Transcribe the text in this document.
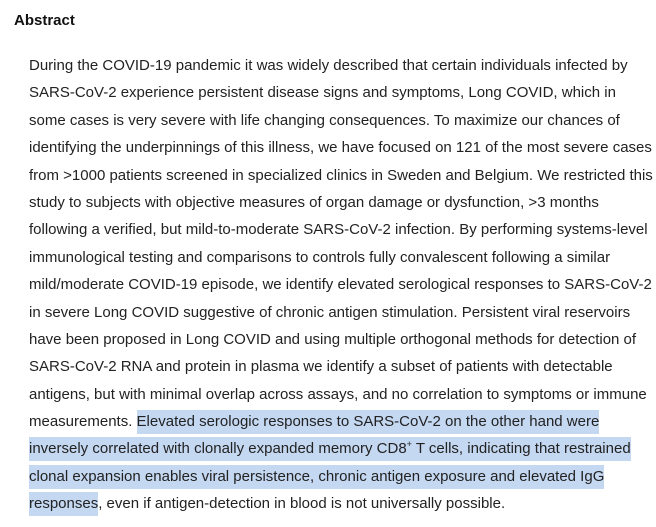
Abstract
During the COVID-19 pandemic it was widely described that certain individuals infected by
SARS-CoV-2 experience persistent disease signs and symptoms, Long COVID, which in
some cases is very severe with life changing consequences. To maximize our chances of
identifying the underpinnings of this illness, we have focused on 121 of the most severe cases
from >1000 patients screened in specialized clinics in Sweden and Belgium. We restricted this
study to subjects with objective measures of organ damage or dysfunction, >3 months
following a verified, but mild-to-moderate SARS-CoV-2 infection. By performing systems-level
immunological testing and comparisons to controls fully convalescent following a similar
mild/moderate COVID-19 episode, we identify elevated serological responses to SARS-CoV-2
in severe Long COVID suggestive of chronic antigen stimulation. Persistent viral reservoirs
have been proposed in Long COVID and using multiple orthogonal methods for detection of
SARS-CoV-2 RNA and protein in plasma we identify a subset of patients with detectable
antigens, but with minimal overlap across assays, and no correlation to symptoms or immune
measurements. Elevated serologic responses to SARS-CoV-2 on the other hand were
inversely correlated with clonally expanded memory CD8+ T cells, indicating that restrained
clonal expansion enables viral persistence, chronic antigen exposure and elevated IgG
responses, even if antigen-detection in blood is not universally possible.
